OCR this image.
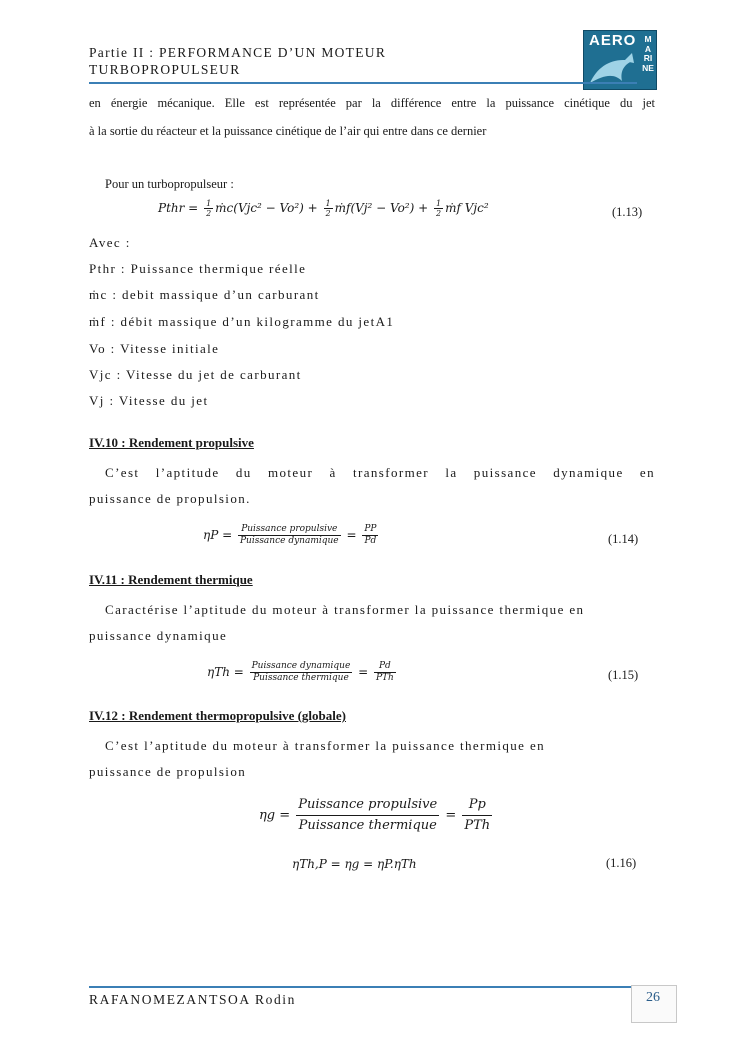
Partie II : PERFORMANCE D’UN MOTEUR TURBOPROPULSEUR
AERO MARINE
en énergie mécanique. Elle est représentée par la différence entre la puissance cinétique du jet
à la sortie du réacteur et la puissance cinétique de l’air qui entre dans ce dernier
Pour un turbopropulseur :
Pthr = $\frac{1}{2}$ ṁc(Vjc² − $Vo^2) + \frac{1}{2}$ ṁf(Vj² − $Vo^2) + \frac{1}{2}$ ṁf Vjc²	(1.13)
Avec :
Pthr : Puissance thermique réelle
ṁc : debit massique d’un carburant
ṁf : débit massique d’un kilogramme du jetA1
Vo : Vitesse initiale
Vjc : Vitesse du jet de carburant
Vj : Vitesse du jet
IV.10 : Rendement propulsive
C’est l’aptitude du moteur à transformer la puissance dynamique en
puissance de propulsion.
$\eta P = \frac{\text{Puissance propulsive}}{\text{Puissance dynamique}} = \frac{PP}{Pd}$	(1.14)
IV.11 : Rendement thermique
Caractérise l’aptitude du moteur à transformer la puissance thermique en
puissance dynamique
$\eta Th = \frac{\text{Puissance dynamique}}{\text{Puissance thermique}} = \frac{Pd}{\text{PTh}}$	(1.15)
IV.12 : Rendement thermopropulsive (globale)
C’est l’aptitude du moteur à transformer la puissance thermique en
puissance de propulsion
$\eta g = \frac{\text{Puissance propulsive}}{\text{Puissance thermique}} = \frac{Pp}{\text{PTh}}$
ηTh,P = ηg = ηP.ηTh	(1.16)
RAFANOMEZANTSOA Rodin	26
